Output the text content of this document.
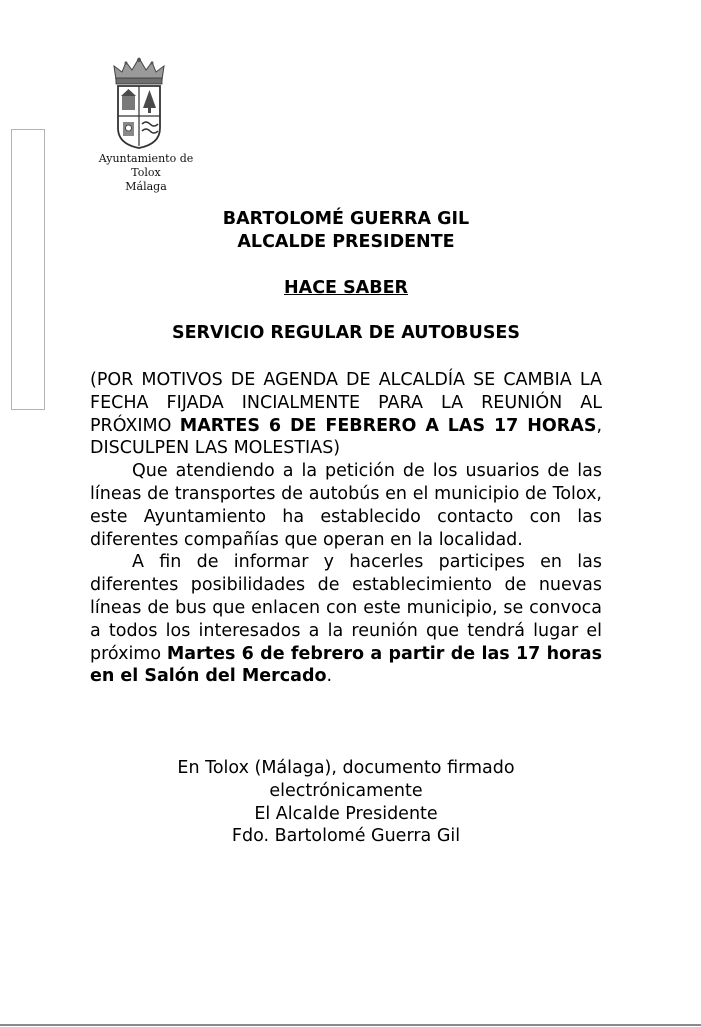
Ayuntamiento de Tolox
Málaga
BARTOLOMÉ GUERRA GIL
ALCALDE PRESIDENTE
HACE SABER
SERVICIO REGULAR DE AUTOBUSES

(POR MOTIVOS DE AGENDA DE ALCALDÍA SE CAMBIA LA FECHA FIJADA INCIALMENTE PARA LA REUNIÓN AL PRÓXIMO MARTES 6 DE FEBRERO A LAS 17 HORAS, DISCULPEN LAS MOLESTIAS)

Que atendiendo a la petición de los usuarios de las líneas de transportes de autobús en el municipio de Tolox, este Ayuntamiento ha establecido contacto con las diferentes compañías que operan en la localidad.

A fin de informar y hacerles participes en las diferentes posibilidades de establecimiento de nuevas líneas de bus que enlacen con este municipio, se convoca a todos los interesados a la reunión que tendrá lugar el próximo Martes 6 de febrero a partir de las 17 horas en el Salón del Mercado.

En Tolox (Málaga), documento firmado
electrónicamente
El Alcalde Presidente
Fdo. Bartolomé Guerra Gil
